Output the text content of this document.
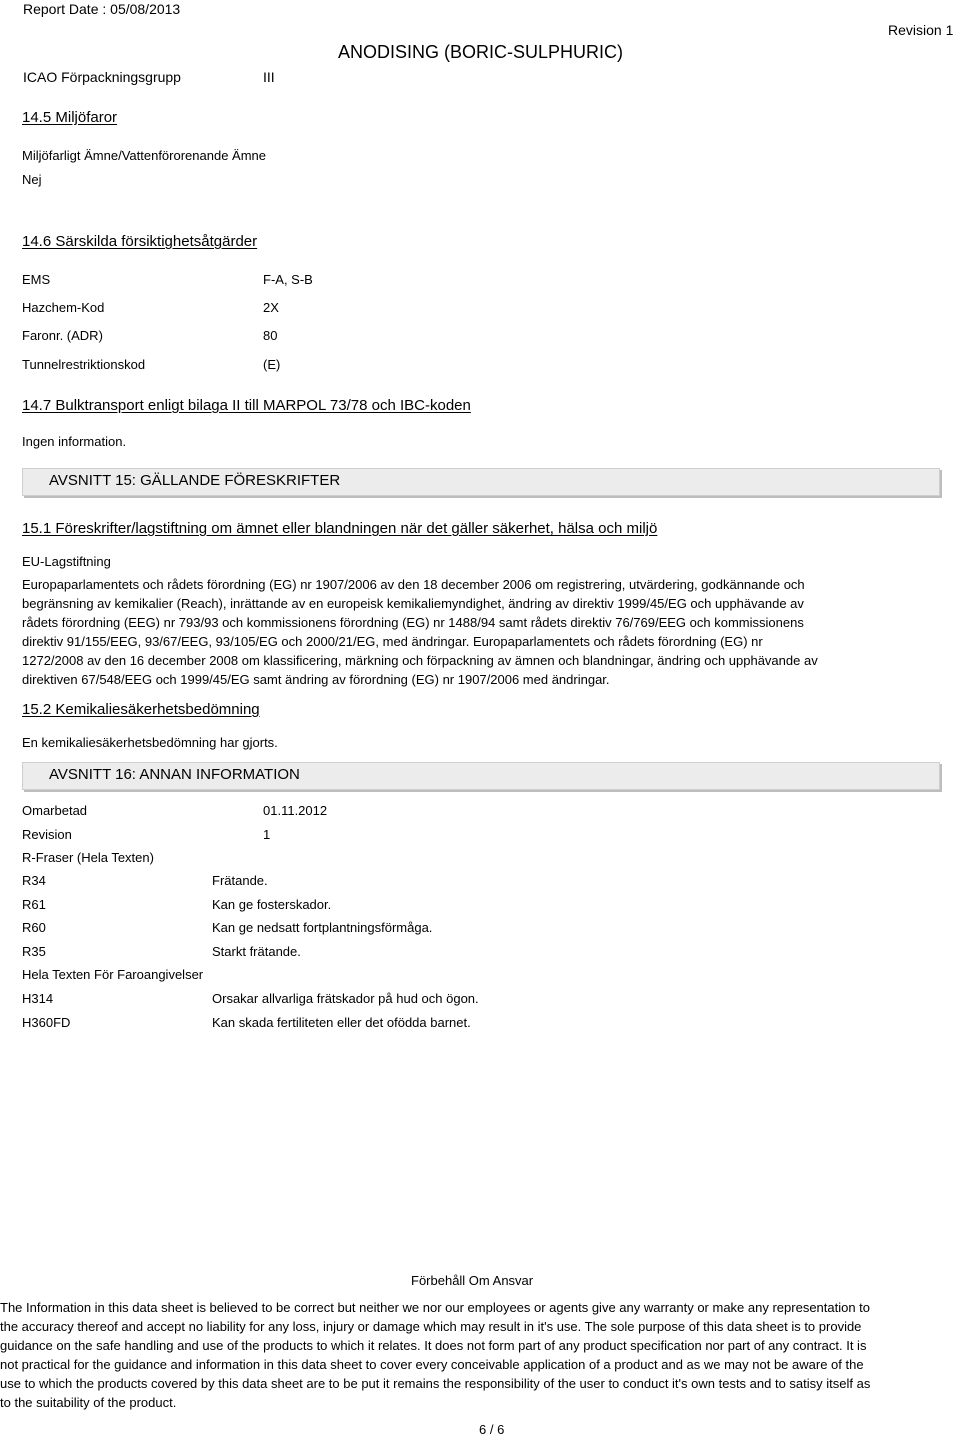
Report Date : 05/08/2013
ANODISING (BORIC-SULPHURIC)
Revision 1
ICAO Förpackningsgrupp	III
14.5 Miljöfaror
Miljöfarligt Ämne/Vattenförorenande Ämne
Nej
14.6 Särskilda försiktighetsåtgärder
EMS	F-A, S-B
Hazchem-Kod	2X
Faronr. (ADR)	80
Tunnelrestriktionskod	(E)
14.7 Bulktransport enligt bilaga II till MARPOL 73/78 och IBC-koden
Ingen information.
AVSNITT 15: GÄLLANDE FÖRESKRIFTER
15.1 Föreskrifter/lagstiftning om ämnet eller blandningen när det gäller säkerhet, hälsa och miljö
EU-Lagstiftning
Europaparlamentets och rådets förordning (EG) nr 1907/2006 av den 18 december 2006 om registrering, utvärdering, godkännande och
begränsning av kemikalier (Reach), inrättande av en europeisk kemikaliemyndighet, ändring av direktiv 1999/45/EG och upphävande av
rådets förordning (EEG) nr 793/93 och kommissionens förordning (EG) nr 1488/94 samt rådets direktiv 76/769/EEG och kommissionens
direktiv 91/155/EEG, 93/67/EEG, 93/105/EG och 2000/21/EG, med ändringar. Europaparlamentets och rådets förordning (EG) nr
1272/2008 av den 16 december 2008 om klassificering, märkning och förpackning av ämnen och blandningar, ändring och upphävande av
direktiven 67/548/EEG och 1999/45/EG samt ändring av förordning (EG) nr 1907/2006 med ändringar.
15.2 Kemikaliesäkerhetsbedömning
En kemikaliesäkerhetsbedömning har gjorts.
AVSNITT 16: ANNAN INFORMATION
Omarbetad	01.11.2012
Revision	1
R-Fraser (Hela Texten)
R34	Frätande.
R61	Kan ge fosterskador.
R60	Kan ge nedsatt fortplantningsförmåga.
R35	Starkt frätande.
Hela Texten För Faroangivelser
H314	Orsakar allvarliga frätskador på hud och ögon.
H360FD	Kan skada fertiliteten eller det ofödda barnet.
Förbehåll Om Ansvar
The Information in this data sheet is believed to be correct but neither we nor our employees or agents give any warranty or make any representation to
the accuracy thereof and accept no liability for any loss, injury or damage which may result in it's use. The sole purpose of this data sheet is to provide
guidance on the safe handling and use of the products to which it relates. It does not form part of any product specification nor part of any contract. It is
not practical for the guidance and information in this data sheet to cover every conceivable application of a product and as we may not be aware of the
use to which the products covered by this data sheet are to be put it remains the responsibility of the user to conduct it's own tests and to satisy itself as
to the suitability of the product.
6 / 6
